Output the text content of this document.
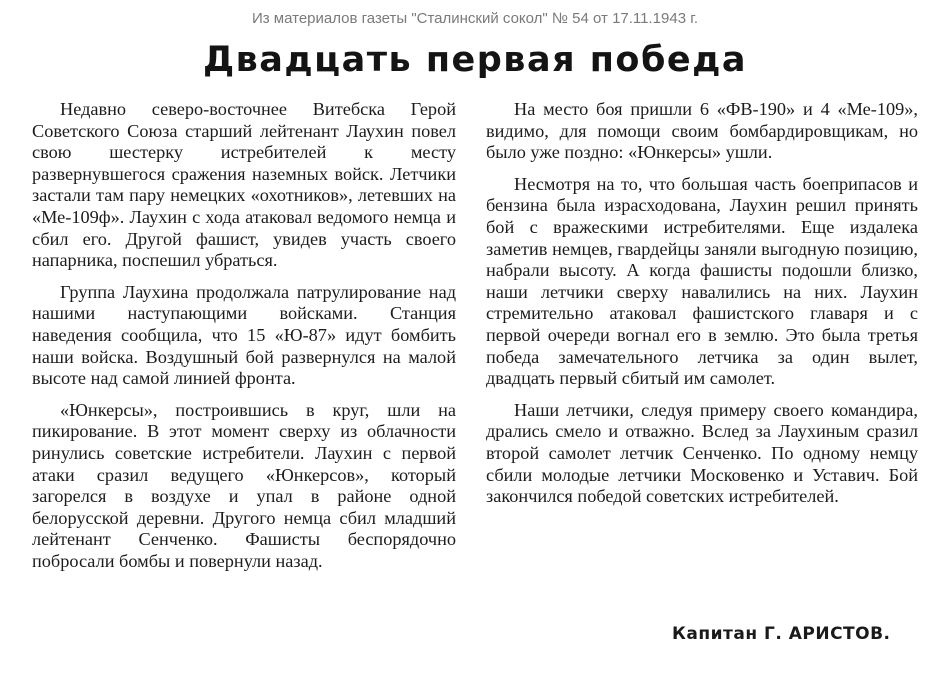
Из материалов газеты "Сталинский сокол" № 54 от 17.11.1943 г.
Двадцать первая победа

Недавно северо-восточнее Витебска Герой Советского Союза старший лейтенант Лаухин повел свою шестерку истребителей к месту развернувшегося сражения наземных войск. Летчики застали там пару немецких «охотников», летевших на «Ме-109ф». Лаухин с хода атаковал ведомого немца и сбил его. Другой фашист, увидев участь своего напарника, поспешил убраться.

Группа Лаухина продолжала патрулирование над нашими наступающими войсками. Станция наведения сообщила, что 15 «Ю-87» идут бомбить наши войска. Воздушный бой развернулся на малой высоте над самой линией фронта.

«Юнкерсы», построившись в круг, шли на пикирование. В этот момент сверху из облачности ринулись советские истребители. Лаухин с первой атаки сразил ведущего «Юнкерсов», который загорелся в воздухе и упал в районе одной белорусской деревни. Другого немца сбил младший лейтенант Сенченко. Фашисты беспорядочно побросали бомбы и повернули назад.

На место боя пришли 6 «ФВ-190» и 4 «Ме-109», видимо, для помощи своим бомбардировщикам, но было уже поздно: «Юнкерсы» ушли.

Несмотря на то, что большая часть боеприпасов и бензина была израсходована, Лаухин решил принять бой с вражескими истребителями. Еще издалека заметив немцев, гвардейцы заняли выгодную позицию, набрали высоту. А когда фашисты подошли близко, наши летчики сверху навалились на них. Лаухин стремительно атаковал фашистского главаря и с первой очереди вогнал его в землю. Это была третья победа замечательного летчика за один вылет, двадцать первый сбитый им самолет.

Наши летчики, следуя примеру своего командира, дрались смело и отважно. Вслед за Лаухиным сразил второй самолет летчик Сенченко. По одному немцу сбили молодые летчики Московенко и Уставич. Бой закончился победой советских истребителей.

Капитан Г. АРИСТОВ.
